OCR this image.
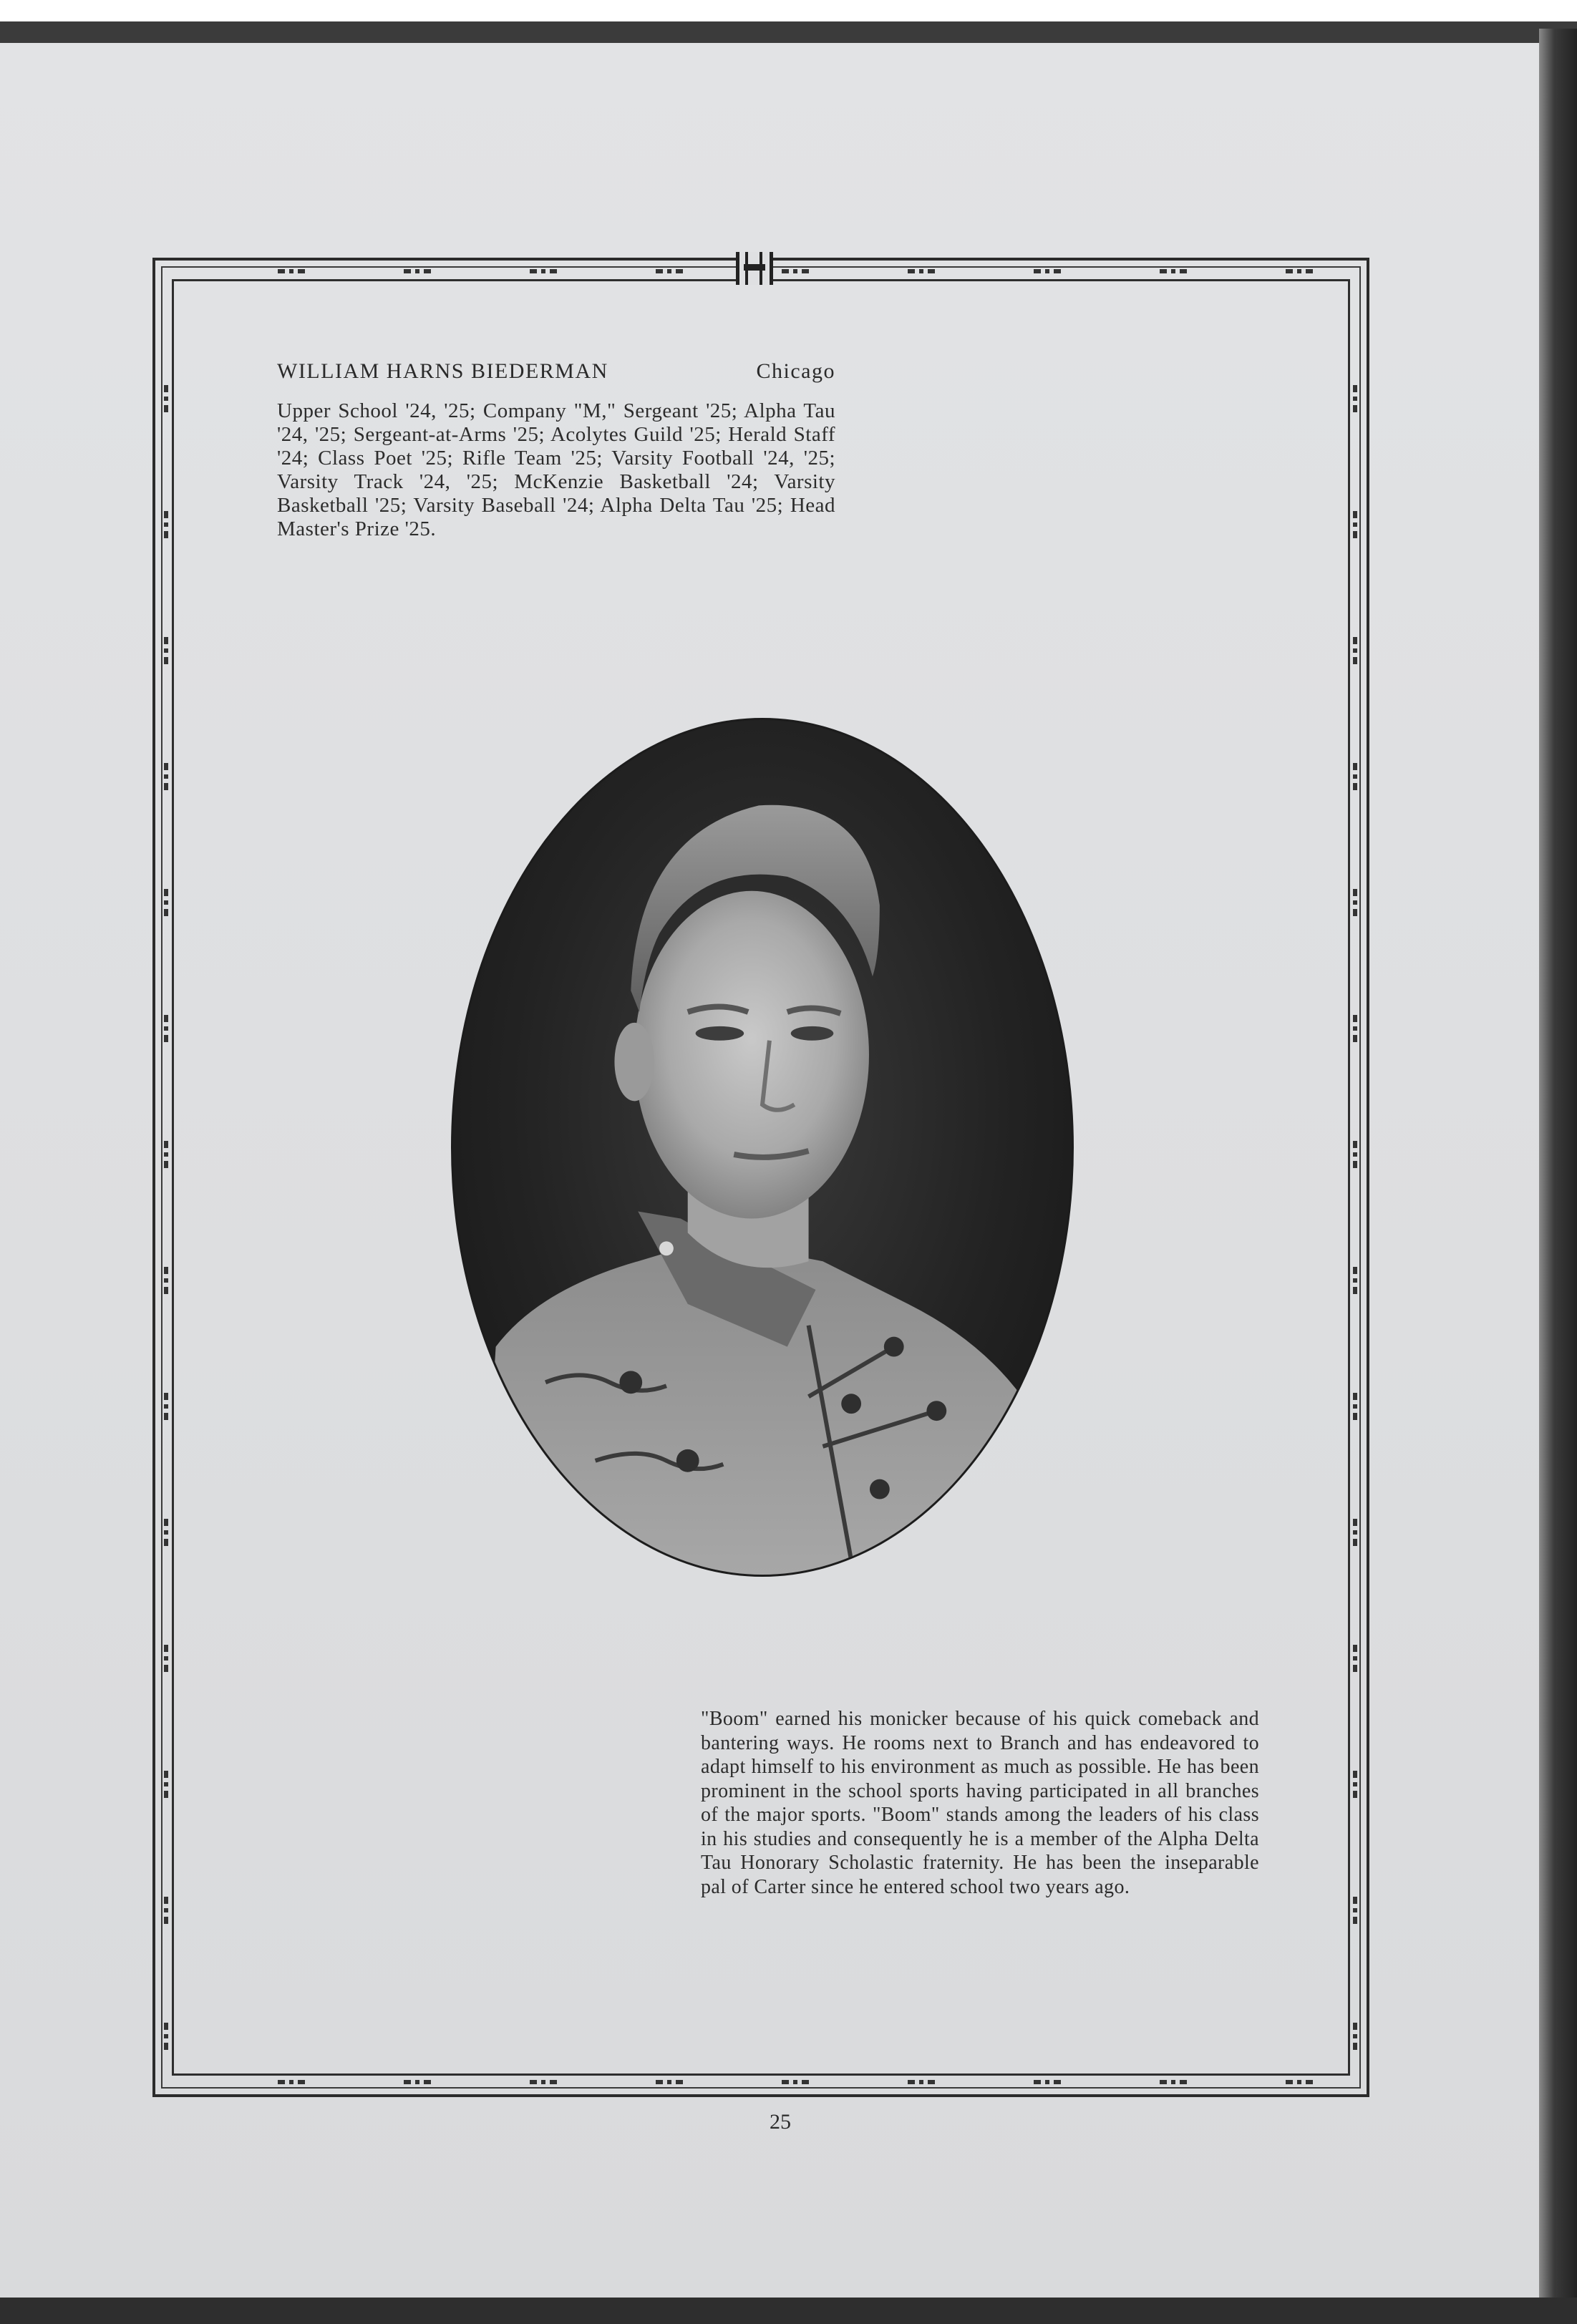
WILLIAM HARNS BIEDERMAN	Chicago
Upper School '24, '25; Company "M," Sergeant '25; Alpha Tau '24, '25; Sergeant-at-Arms '25; Acolytes Guild '25; Herald Staff '24; Class Poet '25; Rifle Team '25; Varsity Football '24, '25; Varsity Track '24, '25; McKenzie Basketball '24; Varsity Basketball '25; Varsity Baseball '24; Alpha Delta Tau '25; Head Master's Prize '25.
"Boom" earned his monicker because of his quick comeback and bantering ways. He rooms next to Branch and has endeavored to adapt himself to his environment as much as possible. He has been prominent in the school sports having participated in all branches of the major sports. "Boom" stands among the leaders of his class in his studies and consequently he is a member of the Alpha Delta Tau Honorary Scholastic fraternity. He has been the inseparable pal of Carter since he entered school two years ago.
25
